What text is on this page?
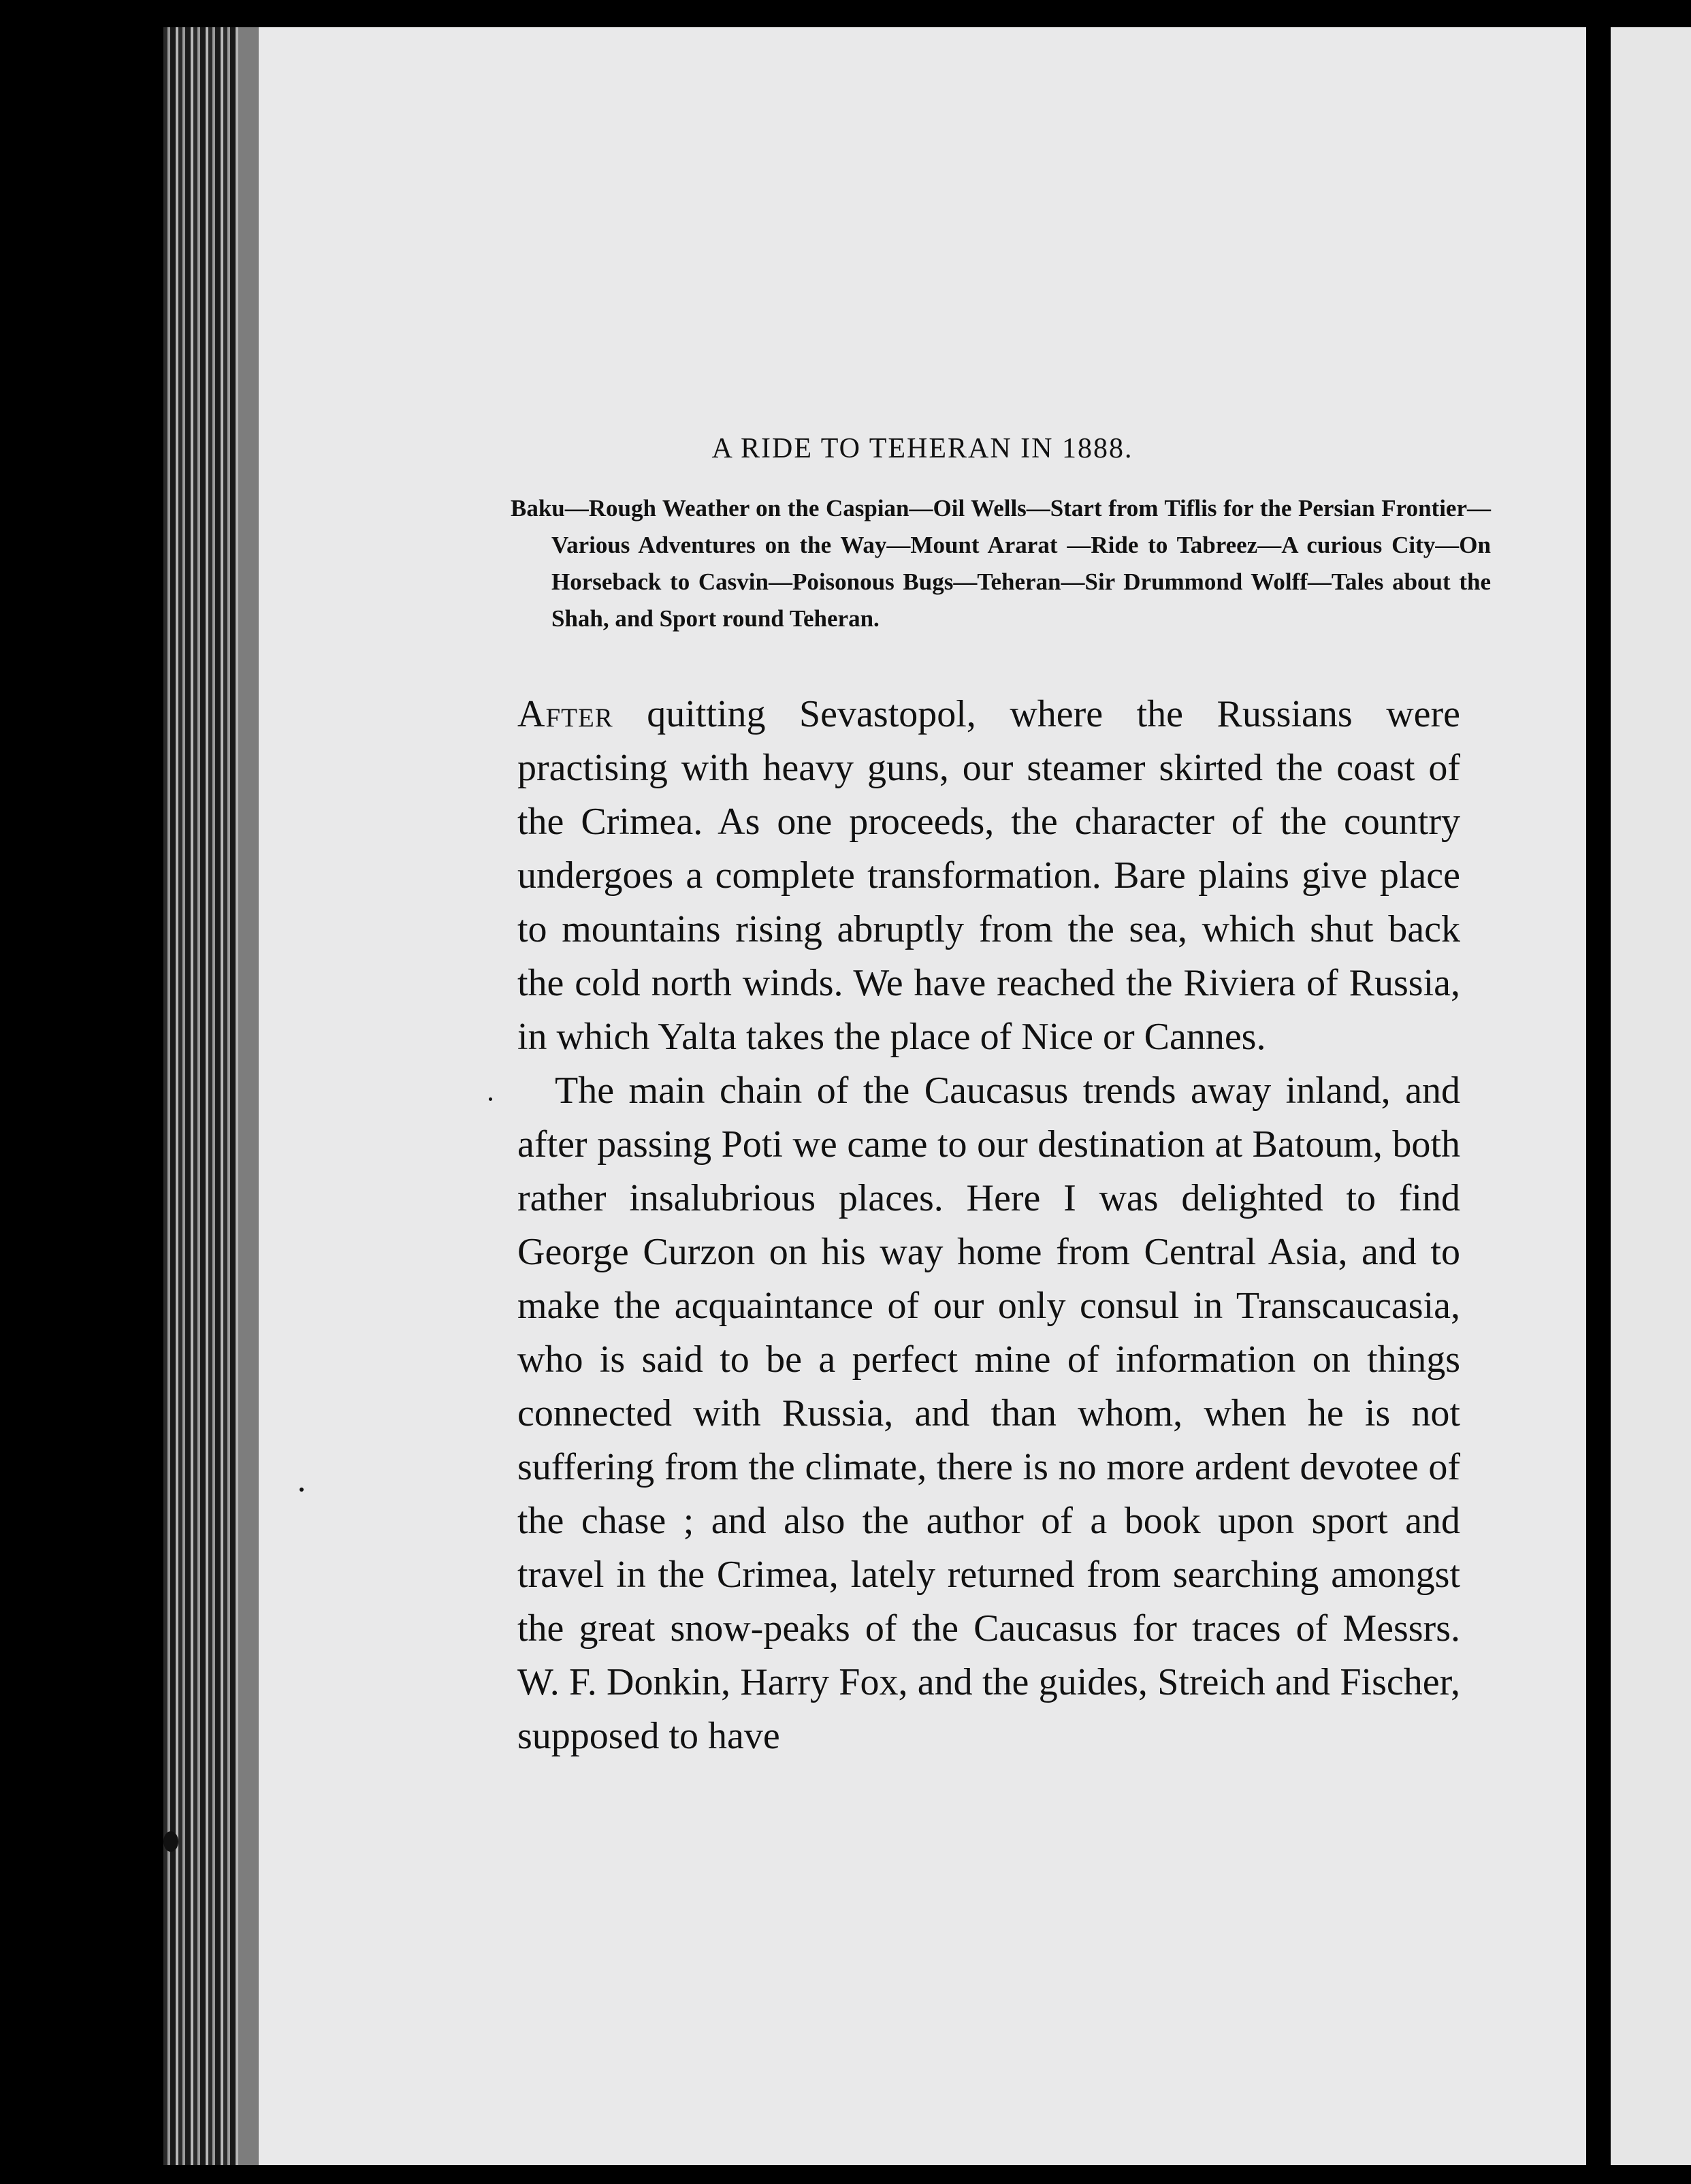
A RIDE TO TEHERAN IN 1888.
Baku—Rough Weather on the Caspian—Oil Wells—Start from Tiflis for the Persian Frontier—Various Adventures on the Way—Mount Ararat —Ride to Tabreez—A curious City—On Horseback to Casvin—Poisonous Bugs—Teheran—Sir Drummond Wolff—Tales about the Shah, and Sport round Teheran.

After quitting Sevastopol, where the Russians were practising with heavy guns, our steamer skirted the coast of the Crimea. As one proceeds, the character of the country undergoes a complete transformation. Bare plains give place to mountains rising abruptly from the sea, which shut back the cold north winds. We have reached the Riviera of Russia, in which Yalta takes the place of Nice or Cannes.

The main chain of the Caucasus trends away inland, and after passing Poti we came to our destination at Batoum, both rather insalubrious places. Here I was delighted to find George Curzon on his way home from Central Asia, and to make the acquaintance of our only consul in Transcaucasia, who is said to be a perfect mine of information on things connected with Russia, and than whom, when he is not suffering from the climate, there is no more ardent devotee of the chase ; and also the author of a book upon sport and travel in the Crimea, lately returned from searching amongst the great snow-peaks of the Caucasus for traces of Messrs. W. F. Donkin, Harry Fox, and the guides, Streich and Fischer, supposed to have
